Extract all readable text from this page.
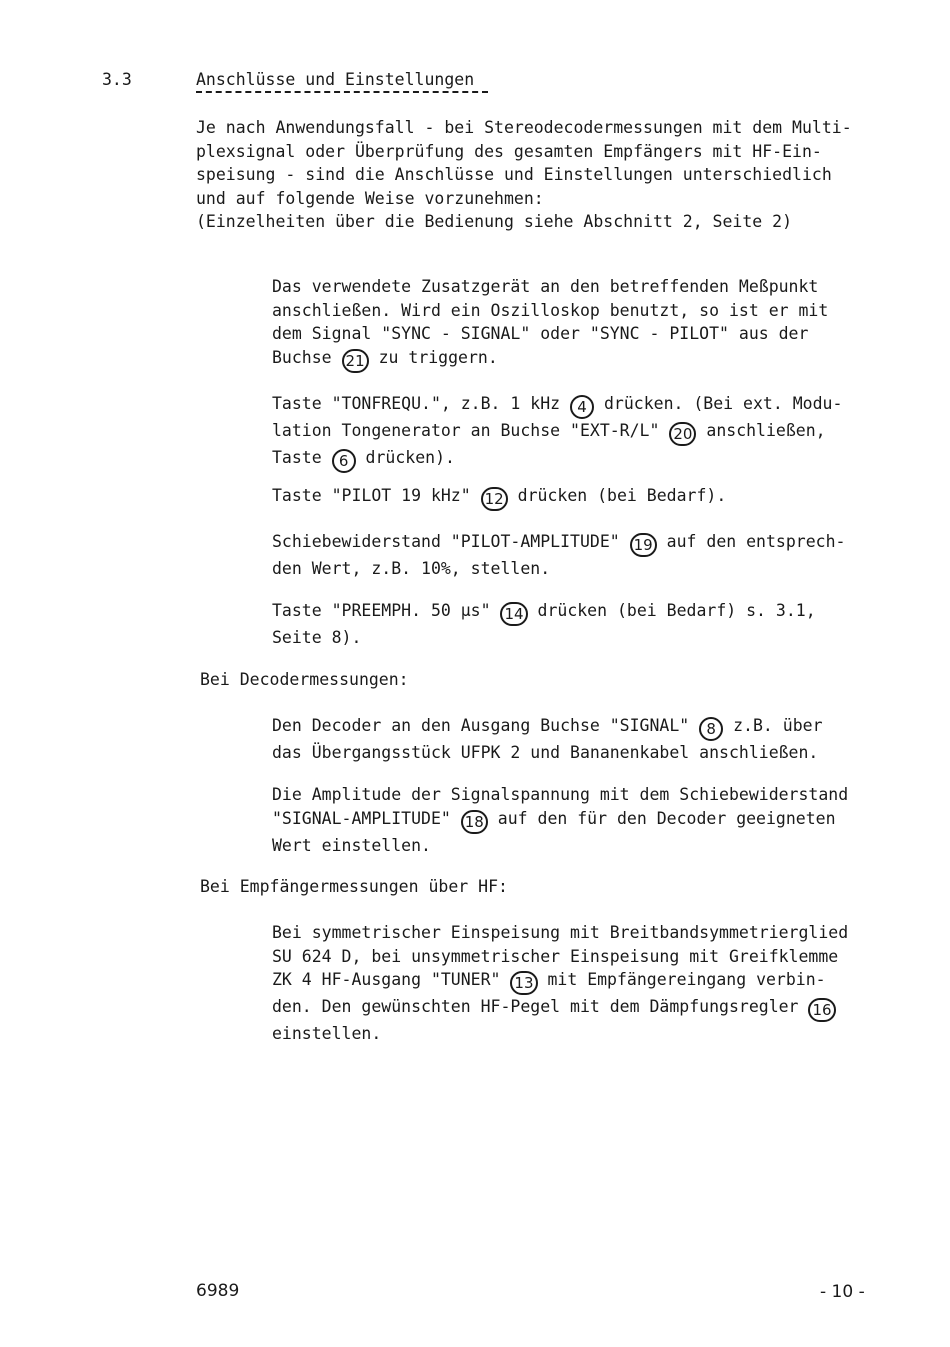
3.3	Anschlüsse und Einstellungen
Je nach Anwendungsfall - bei Stereodecodermessungen mit dem Multi-
plexsignal oder Überprüfung des gesamten Empfängers mit HF-Ein-
speisung - sind die Anschlüsse und Einstellungen unterschiedlich
und auf folgende Weise vorzunehmen:
(Einzelheiten über die Bedienung siehe Abschnitt 2, Seite 2)
Das verwendete Zusatzgerät an den betreffenden Meßpunkt
anschließen. Wird ein Oszilloskop benutzt, so ist er mit
dem Signal "SYNC - SIGNAL" oder "SYNC - PILOT" aus der
Buchse 21 zu triggern.
Taste "TONFREQU.", z.B. 1 kHz 4 drücken. (Bei ext. Modu-
lation Tongenerator an Buchse "EXT-R/L" 20 anschließen,
Taste 6 drücken).
Taste "PILOT 19 kHz" 12 drücken (bei Bedarf).
Schiebewiderstand "PILOT-AMPLITUDE" 19 auf den entsprech-
den Wert, z.B. 10%, stellen.
Taste "PREEMPH. 50 µs" 14 drücken (bei Bedarf) s. 3.1,
Seite 8).
Bei Decodermessungen:
Den Decoder an den Ausgang Buchse "SIGNAL" 8 z.B. über
das Übergangsstück UFPK 2 und Bananenkabel anschließen.
Die Amplitude der Signalspannung mit dem Schiebewiderstand
"SIGNAL-AMPLITUDE" 18 auf den für den Decoder geeigneten
Wert einstellen.
Bei Empfängermessungen über HF:
Bei symmetrischer Einspeisung mit Breitbandsymmetrierglied
SU 624 D, bei unsymmetrischer Einspeisung mit Greifklemme
ZK 4 HF-Ausgang "TUNER" 13 mit Empfängereingang verbin-
den. Den gewünschten HF-Pegel mit dem Dämpfungsregler 16
einstellen.
6989	- 10 -
